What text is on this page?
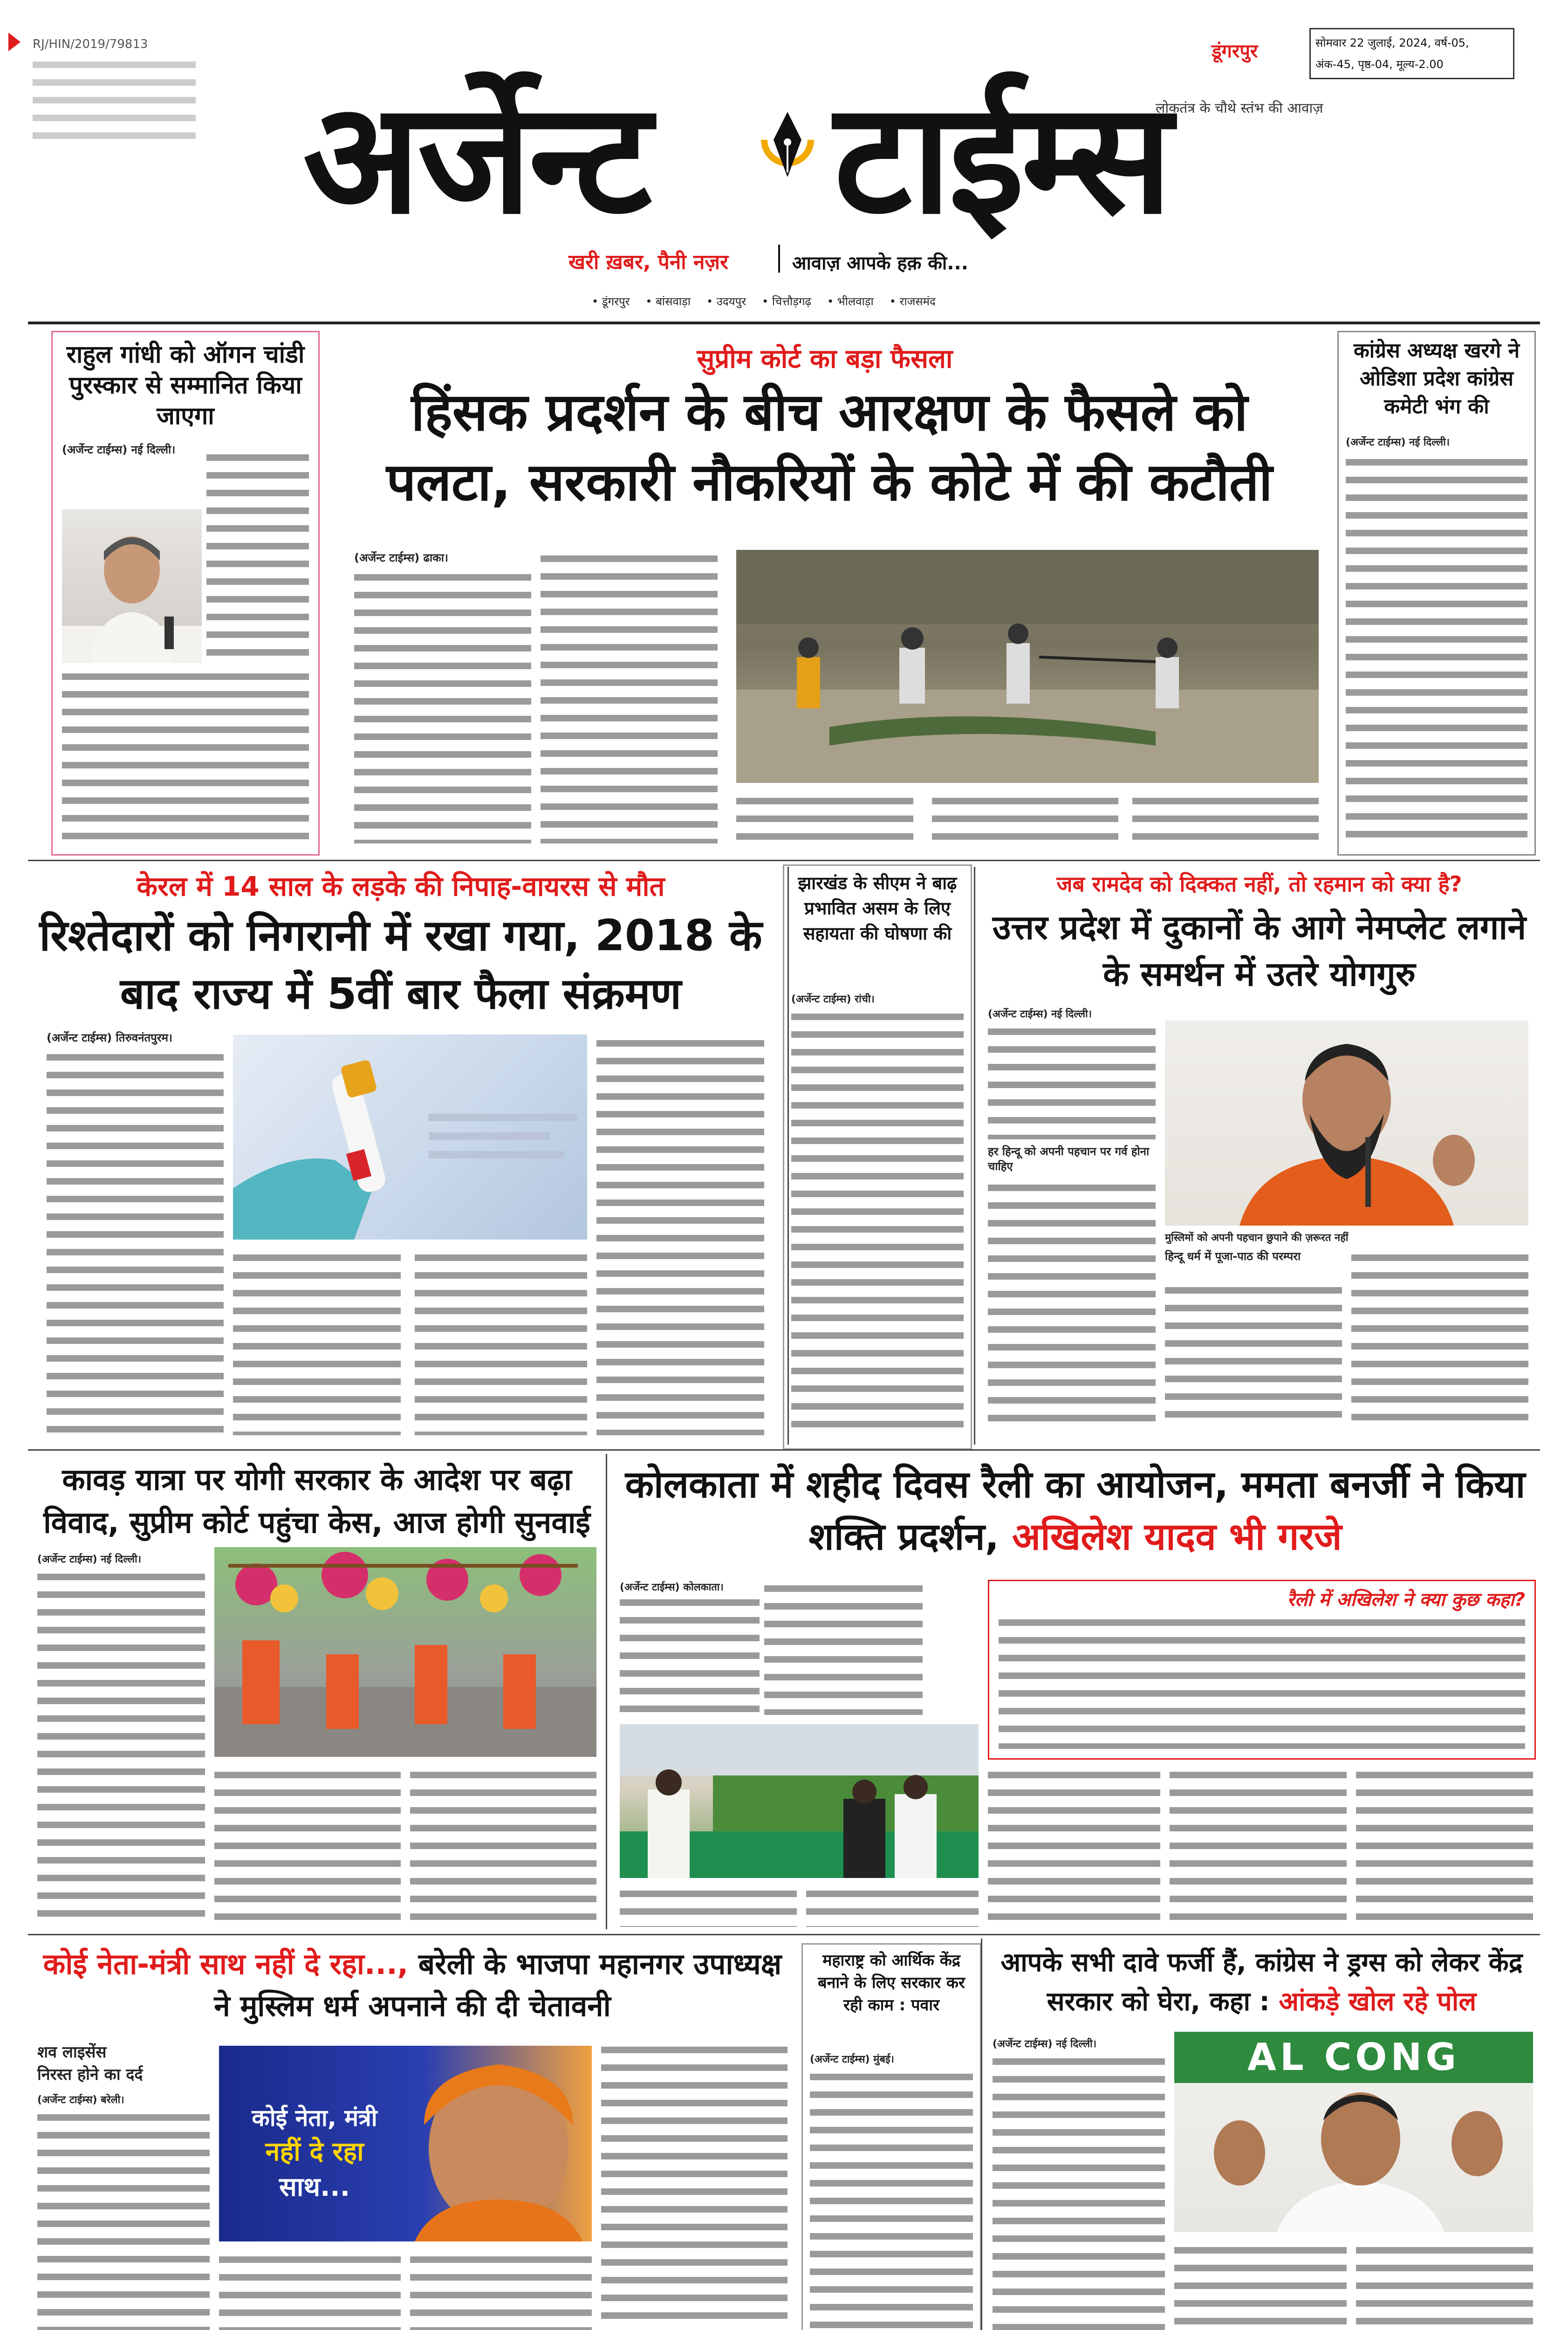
RJ/HIN/2019/79813
अर्जेन्ट	टाईम्स
खरी ख़बर, पैनी नज़र	आवाज़ आपके हक़ की...
डूंगरपुर	सोमवार 22 जुलाई, 2024, वर्ष-05,
अंक-45, पृष्ठ-04, मूल्य-2.00
लोकतंत्र के चौथे स्तंभ की आवाज़
• डूंगरपुर • बांसवाड़ा • उदयपुर • चित्तौड़गढ़ • भीलवाड़ा • राजसमंद
राहुल गांधी को ऑगन चांडी पुरस्कार से सम्मानित किया जाएगा
(अर्जेन्ट टाईम्स) नई दिल्ली।
सुप्रीम कोर्ट का बड़ा फैसला
हिंसक प्रदर्शन के बीच आरक्षण के फैसले को पलटा, सरकारी नौकरियों के कोटे में की कटौती
(अर्जेन्ट टाईम्स) ढाका।
कांग्रेस अध्यक्ष खरगे ने ओडिशा प्रदेश कांग्रेस कमेटी भंग की
(अर्जेन्ट टाईम्स) नई दिल्ली।
केरल में 14 साल के लड़के की निपाह-वायरस से मौत
रिश्तेदारों को निगरानी में रखा गया, 2018 के बाद राज्य में 5वीं बार फैला संक्रमण
(अर्जेन्ट टाईम्स) तिरुवनंतपुरम।
झारखंड के सीएम ने बाढ़ प्रभावित असम के लिए सहायता की घोषणा की
(अर्जेन्ट टाईम्स) रांची।
जब रामदेव को दिक्कत नहीं, तो रहमान को क्या है?
उत्तर प्रदेश में दुकानों के आगे नेमप्लेट लगाने के समर्थन में उतरे योगगुरु
(अर्जेन्ट टाईम्स) नई दिल्ली।
हर हिन्दू को अपनी पहचान पर गर्व होना चाहिए
मुस्लिमों को अपनी पहचान छुपाने की ज़रूरत नहीं
हिन्दू धर्म में पूजा-पाठ की परम्परा
कावड़ यात्रा पर योगी सरकार के आदेश पर बढ़ा विवाद, सुप्रीम कोर्ट पहुंचा केस, आज होगी सुनवाई
(अर्जेन्ट टाईम्स) नई दिल्ली।
कोलकाता में शहीद दिवस रैली का आयोजन, ममता बनर्जी ने किया शक्ति प्रदर्शन, अखिलेश यादव भी गरजे
(अर्जेन्ट टाईम्स) कोलकाता।
रैली में अखिलेश ने क्या कुछ कहा?
कोई नेता-मंत्री साथ नहीं दे रहा..., बरेली के भाजपा महानगर उपाध्यक्ष ने मुस्लिम धर्म अपनाने की दी चेतावनी
शव लाइसेंस
निरस्त होने का दर्द
(अर्जेन्ट टाईम्स) बरेली।
कोई नेता, मंत्री
नहीं दे रहा
साथ...
महाराष्ट्र को आर्थिक केंद्र बनाने के लिए सरकार कर रही काम : पवार
(अर्जेन्ट टाईम्स) मुंबई।
आपके सभी दावे फर्जी हैं, कांग्रेस ने ड्रग्स को लेकर केंद्र सरकार को घेरा, कहा : आंकड़े खोल रहे पोल
(अर्जेन्ट टाईम्स) नई दिल्ली।	AL CONG
